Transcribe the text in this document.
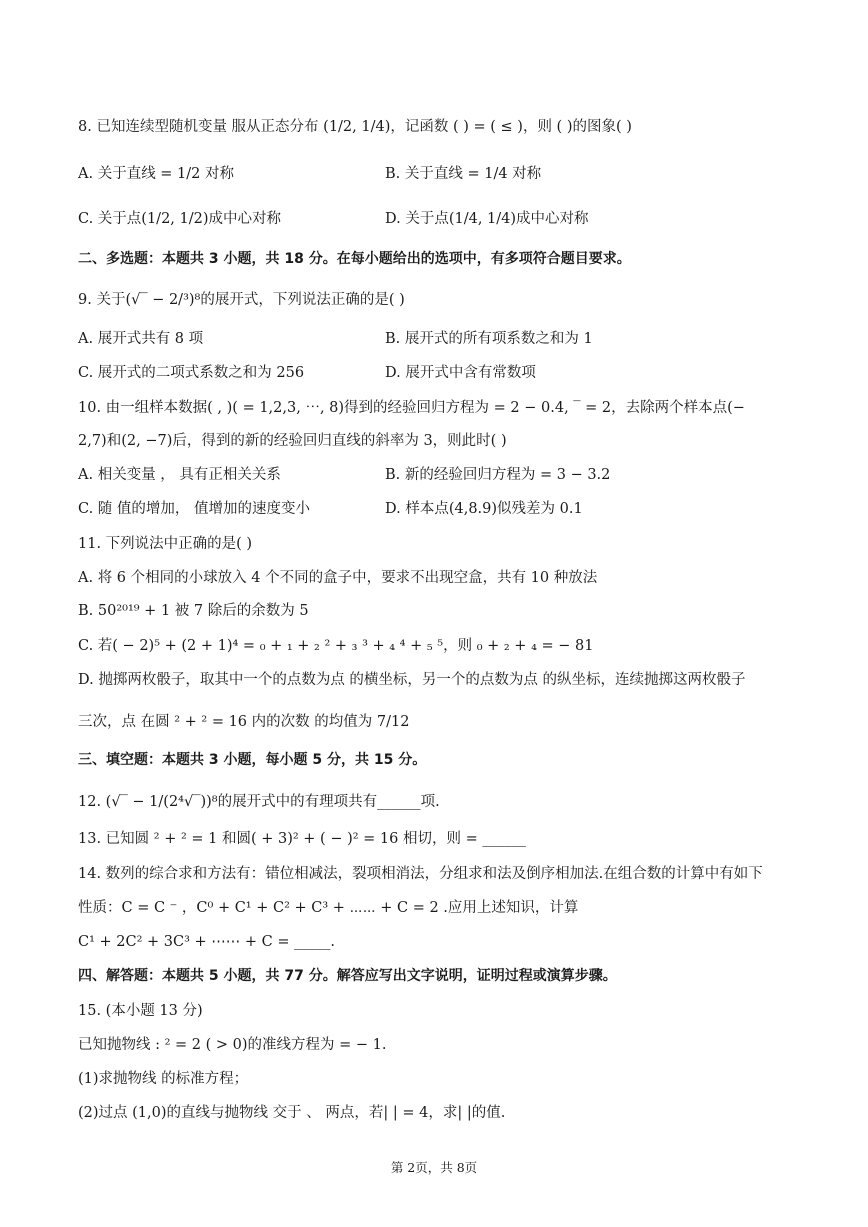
8. 已知连续型随机变量 服从正态分布 (1/2, 1/4)，记函数 ( ) = ( ≤ )，则 ( )的图象( )
A. 关于直线 = 1/2 对称	B. 关于直线 = 1/4 对称
C. 关于点(1/2, 1/2)成中心对称	D. 关于点(1/4, 1/4)成中心对称
二、多选题：本题共 3 小题，共 18 分。在每小题给出的选项中，有多项符合题目要求。
9. 关于(√‾ − 2/³)⁸的展开式，下列说法正确的是( )
A. 展开式共有 8 项	B. 展开式的所有项系数之和为 1
C. 展开式的二项式系数之和为 256	D. 展开式中含有常数项
10. 由一组样本数据( , )( = 1,2,3, ⋯, 8)得到的经验回归方程为 = 2 − 0.4, ‾ = 2，去除两个样本点(−
2,7)和(2, −7)后，得到的新的经验回归直线的斜率为 3，则此时( )
A. 相关变量 ， 具有正相关关系	B. 新的经验回归方程为 = 3 − 3.2
C. 随 值的增加， 值增加的速度变小	D. 样本点(4,8.9)似残差为 0.1
11. 下列说法中正确的是( )
A. 将 6 个相同的小球放入 4 个不同的盒子中，要求不出现空盒，共有 10 种放法
B. 50²⁰¹⁹ + 1 被 7 除后的余数为 5
C. 若( − 2)⁵ + (2 + 1)⁴ = ₀ + ₁ + ₂ ² + ₃ ³ + ₄ ⁴ + ₅ ⁵，则 ₀ + ₂ + ₄ = − 81
D. 抛掷两枚骰子，取其中一个的点数为点 的横坐标，另一个的点数为点 的纵坐标，连续抛掷这两枚骰子
三次，点 在圆 ² + ² = 16 内的次数 的均值为 7/12
三、填空题：本题共 3 小题，每小题 5 分，共 15 分。
12. (√‾ − 1/(2⁴√‾))⁸的展开式中的有理项共有______项.
13. 已知圆 ² + ² = 1 和圆( + 3)² + ( − )² = 16 相切，则 = ______
14. 数列的综合求和方法有：错位相减法，裂项相消法，分组求和法及倒序相加法.在组合数的计算中有如下
性质：C = C ⁻ ，C⁰ + C¹ + C² + C³ + ⋯⋯ + C = 2 .应用上述知识，计算
C¹ + 2C² + 3C³ + ⋯⋯ + C = _____.
四、解答题：本题共 5 小题，共 77 分。解答应写出文字说明，证明过程或演算步骤。
15. (本小题 13 分)
已知抛物线 : ² = 2 ( > 0)的准线方程为 = − 1.
(1)求抛物线 的标准方程；
(2)过点 (1,0)的直线与抛物线 交于 、 两点，若| | = 4，求| |的值.
第 2页，共 8页
